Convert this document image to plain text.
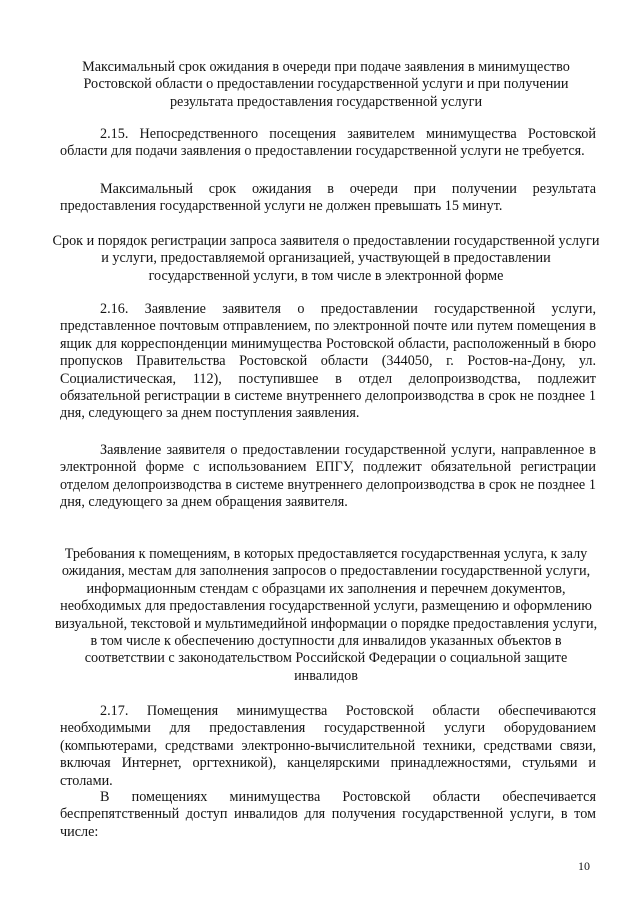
Максимальный срок ожидания в очереди при подаче заявления в минимущество Ростовской области о предоставлении государственной услуги и при получении результата предоставления государственной услуги
2.15. Непосредственного посещения заявителем минимущества Ростовской области для подачи заявления о предоставлении государственной услуги не требуется.
Максимальный срок ожидания в очереди при получении результата предоставления государственной услуги не должен превышать 15 минут.
Срок и порядок регистрации запроса заявителя о предоставлении государственной услуги и услуги, предоставляемой организацией, участвующей в предоставлении государственной услуги, в том числе в электронной форме
2.16. Заявление заявителя о предоставлении государственной услуги, представленное почтовым отправлением, по электронной почте или путем помещения в ящик для корреспонденции минимущества Ростовской области, расположенный в бюро пропусков Правительства Ростовской области (344050, г. Ростов-на-Дону, ул. Социалистическая, 112), поступившее в отдел делопроизводства, подлежит обязательной регистрации в системе внутреннего делопроизводства в срок не позднее 1 дня, следующего за днем поступления заявления.
Заявление заявителя о предоставлении государственной услуги, направленное в электронной форме с использованием ЕПГУ, подлежит обязательной регистрации отделом делопроизводства в системе внутреннего делопроизводства в срок не позднее 1 дня, следующего за днем обращения заявителя.
Требования к помещениям, в которых предоставляется государственная услуга, к залу ожидания, местам для заполнения запросов о предоставлении государственной услуги, информационным стендам с образцами их заполнения и перечнем документов, необходимых для предоставления государственной услуги, размещению и оформлению визуальной, текстовой и мультимедийной информации о порядке предоставления услуги, в том числе к обеспечению доступности для инвалидов указанных объектов в соответствии с законодательством Российской Федерации о социальной защите инвалидов
2.17. Помещения минимущества Ростовской области обеспечиваются необходимыми для предоставления государственной услуги оборудованием (компьютерами, средствами электронно-вычислительной техники, средствами связи, включая Интернет, оргтехникой), канцелярскими принадлежностями, стульями и столами.
В помещениях минимущества Ростовской области обеспечивается беспрепятственный доступ инвалидов для получения государственной услуги, в том числе:
10
